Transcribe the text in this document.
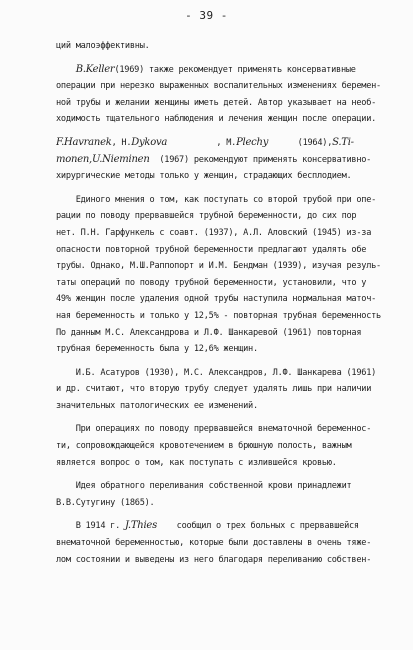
- 39 -
ций малоэффективны.
В.Keller(1969) также рекомендует применять консервативные
операции при нерезко выраженных воспалительных изменениях беремен-
ной трубы и желании женщины иметь детей. Автор указывает на необ-
ходимость тщательного наблюдения и лечения женщин после операции.
F.Havranek, Н.Dykova          , М.Plechy      (1964),S.Ti-
monen,U.Nieminen  (1967) рекомендуют применять консервативно-
хирургические методы только у женщин, страдающих бесплодием.
Единого мнения о том, как поступать со второй трубой при опе-
рации по поводу прервавшейся трубной беременности, до сих пор
нет. П.Н. Гарфункель с соавт. (1937), А.Л. Аловский (1945) из-за
опасности повторной трубной беременности предлагают удалять обе
трубы. Однако, М.Ш.Раппопорт и И.М. Бендман (1939), изучая резуль-
таты операций по поводу трубной беременности, установили, что у
49% женщин после удаления одной трубы наступила нормальная маточ-
ная беременность и только у 12,5% - повторная трубная беременность
По данным М.С. Александрова и Л.Ф. Шанкаревой (1961) повторная
трубная беременность была у 12,6% женщин.
И.Б. Асатуров (1930), М.С. Александров, Л.Ф. Шанкарева (1961)
и др. считают, что вторую трубу следует удалять лишь при наличии
значительных патологических ее изменений.
При операциях по поводу прервавшейся внематочной беременнос-
ти, сопровождающейся кровотечением в брюшную полость, важным
является вопрос о том, как поступать с излившейся кровью.
Идея обратного переливания собственной крови принадлежит
В.В.Сутугину (1865).
В 1914 г. J.Thies    сообщил о трех больных с прервавшейся
внематочной беременностью, которые были доставлены в очень тяже-
лом состоянии и выведены из него благодаря переливанию собствен-
